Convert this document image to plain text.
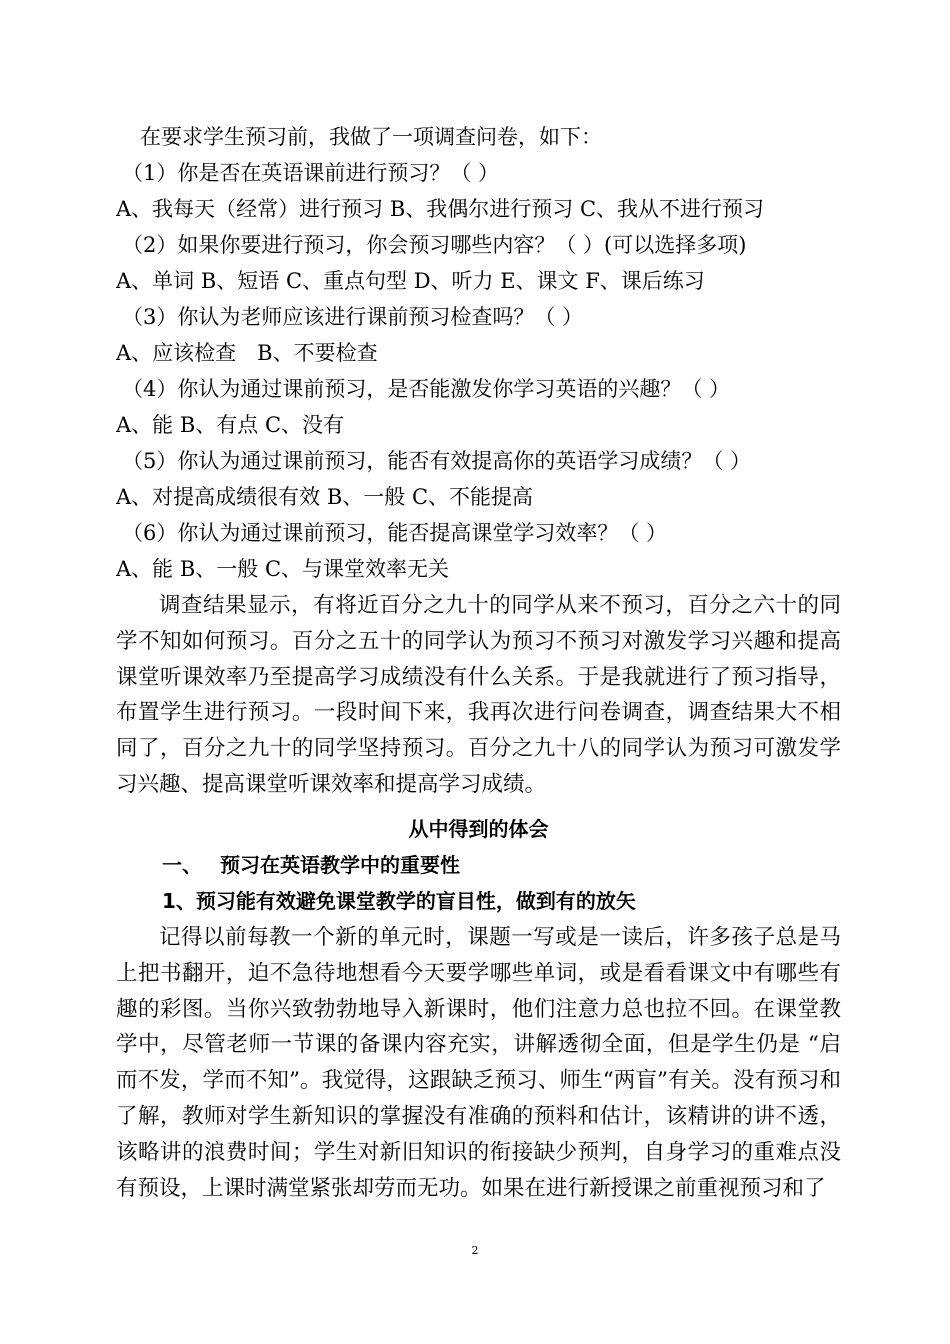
在要求学生预习前，我做了一项调查问卷，如下：
（1）你是否在英语课前进行预习？（ ）
A、我每天（经常）进行预习 B、我偶尔进行预习 C、我从不进行预习
（2）如果你要进行预习，你会预习哪些内容？（ ）(可以选择多项)
A、单词 B、短语 C、重点句型 D、听力 E、课文 F、课后练习
（3）你认为老师应该进行课前预习检查吗？（ ）
A、应该检查　B、不要检查
（4）你认为通过课前预习，是否能激发你学习英语的兴趣？（ ）
A、能 B、有点 C、没有
（5）你认为通过课前预习，能否有效提高你的英语学习成绩？（ ）
A、对提高成绩很有效 B、一般 C、不能提高
（6）你认为通过课前预习，能否提高课堂学习效率？（ ）
A、能 B、一般 C、与课堂效率无关
调查结果显示，有将近百分之九十的同学从来不预习，百分之六十的同学不知如何预习。百分之五十的同学认为预习不预习对激发学习兴趣和提高课堂听课效率乃至提高学习成绩没有什么关系。于是我就进行了预习指导，布置学生进行预习。一段时间下来，我再次进行问卷调查，调查结果大不相同了，百分之九十的同学坚持预习。百分之九十八的同学认为预习可激发学习兴趣、提高课堂听课效率和提高学习成绩。
从中得到的体会
一、 预习在英语教学中的重要性
1、预习能有效避免课堂教学的盲目性，做到有的放矢
记得以前每教一个新的单元时，课题一写或是一读后，许多孩子总是马上把书翻开，迫不急待地想看今天要学哪些单词，或是看看课文中有哪些有趣的彩图。当你兴致勃勃地导入新课时，他们注意力总也拉不回。在课堂教学中，尽管老师一节课的备课内容充实，讲解透彻全面，但是学生仍是 “启而不发，学而不知”。我觉得，这跟缺乏预习、师生“两盲”有关。没有预习和了解，教师对学生新知识的掌握没有准确的预料和估计，该精讲的讲不透，该略讲的浪费时间；学生对新旧知识的衔接缺少预判，自身学习的重难点没有预设，上课时满堂紧张却劳而无功。如果在进行新授课之前重视预习和了
2
